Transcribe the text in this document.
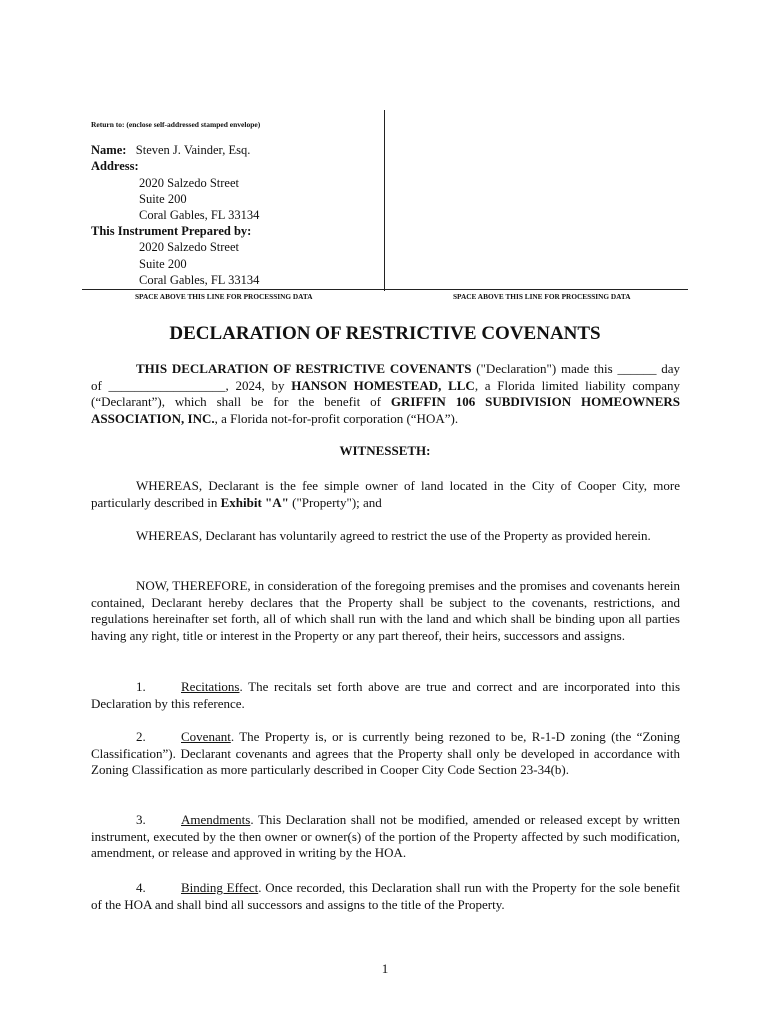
Return to: (enclose self-addressed stamped envelope)
Name: Steven J. Vainder, Esq.
Address:
2020 Salzedo Street
Suite 200
Coral Gables, FL 33134
This Instrument Prepared by:
2020 Salzedo Street
Suite 200
Coral Gables, FL 33134
SPACE ABOVE THIS LINE FOR PROCESSING DATA	SPACE ABOVE THIS LINE FOR PROCESSING DATA
DECLARATION OF RESTRICTIVE COVENANTS

THIS DECLARATION OF RESTRICTIVE COVENANTS ("Declaration") made this ______ day of __________________, 2024, by HANSON HOMESTEAD, LLC, a Florida limited liability company (“Declarant”), which shall be for the benefit of GRIFFIN 106 SUBDIVISION HOMEOWNERS ASSOCIATION, INC., a Florida not-for-profit corporation (“HOA”).

WITNESSETH:

WHEREAS, Declarant is the fee simple owner of land located in the City of Cooper City, more particularly described in Exhibit "A" ("Property"); and

WHEREAS, Declarant has voluntarily agreed to restrict the use of the Property as provided herein.

NOW, THEREFORE, in consideration of the foregoing premises and the promises and covenants herein contained, Declarant hereby declares that the Property shall be subject to the covenants, restrictions, and regulations hereinafter set forth, all of which shall run with the land and which shall be binding upon all parties having any right, title or interest in the Property or any part thereof, their heirs, successors and assigns.

1.	Recitations. The recitals set forth above are true and correct and are incorporated into this Declaration by this reference.

2.	Covenant. The Property is, or is currently being rezoned to be, R-1-D zoning (the “Zoning Classification”). Declarant covenants and agrees that the Property shall only be developed in accordance with Zoning Classification as more particularly described in Cooper City Code Section 23-34(b).

3.	Amendments. This Declaration shall not be modified, amended or released except by written instrument, executed by the then owner or owner(s) of the portion of the Property affected by such modification, amendment, or release and approved in writing by the HOA.

4.	Binding Effect. Once recorded, this Declaration shall run with the Property for the sole benefit of the HOA and shall bind all successors and assigns to the title of the Property.

1
